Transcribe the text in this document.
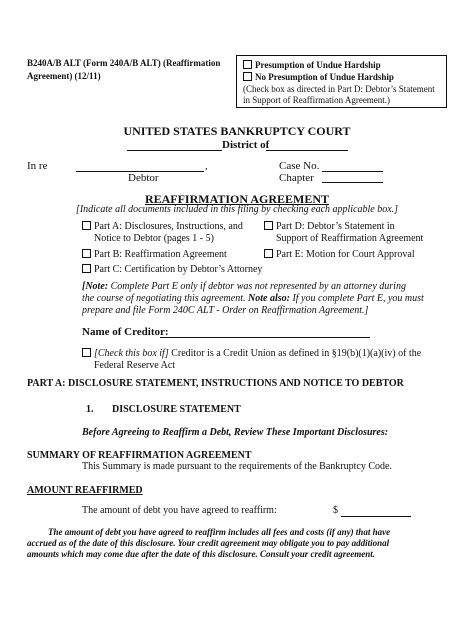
B240A/B ALT (Form 240A/B ALT) (Reaffirmation
Agreement) (12/11)
Presumption of Undue Hardship
No Presumption of Undue Hardship
(Check box as directed in Part D: Debtor’s Statement
in Support of Reaffirmation Agreement.)
UNITED STATES BANKRUPTCY COURT
District of
In re	,
Debtor
Case No.
Chapter
REAFFIRMATION AGREEMENT
[Indicate all documents included in this filing by checking each applicable box.]
Part A: Disclosures, Instructions, and
Notice to Debtor (pages 1 - 5)
Part B: Reaffirmation Agreement
Part C: Certification by Debtor’s Attorney
Part D: Debtor’s Statement in
Support of Reaffirmation Agreement
Part E: Motion for Court Approval
[Note: Complete Part E only if debtor was not represented by an attorney during
the course of negotiating this agreement. Note also: If you complete Part E, you must
prepare and file Form 240C ALT - Order on Reaffirmation Agreement.]
Name of Creditor:
[Check this box if] Creditor is a Credit Union as defined in §19(b)(1)(a)(iv) of the
Federal Reserve Act
PART A: DISCLOSURE STATEMENT, INSTRUCTIONS AND NOTICE TO DEBTOR
1. DISCLOSURE STATEMENT
Before Agreeing to Reaffirm a Debt, Review These Important Disclosures:
SUMMARY OF REAFFIRMATION AGREEMENT
This Summary is made pursuant to the requirements of the Bankruptcy Code.
AMOUNT REAFFIRMED
The amount of debt you have agreed to reaffirm:	$
The amount of debt you have agreed to reaffirm includes all fees and costs (if any) that have
accrued as of the date of this disclosure. Your credit agreement may obligate you to pay additional
amounts which may come due after the date of this disclosure. Consult your credit agreement.
